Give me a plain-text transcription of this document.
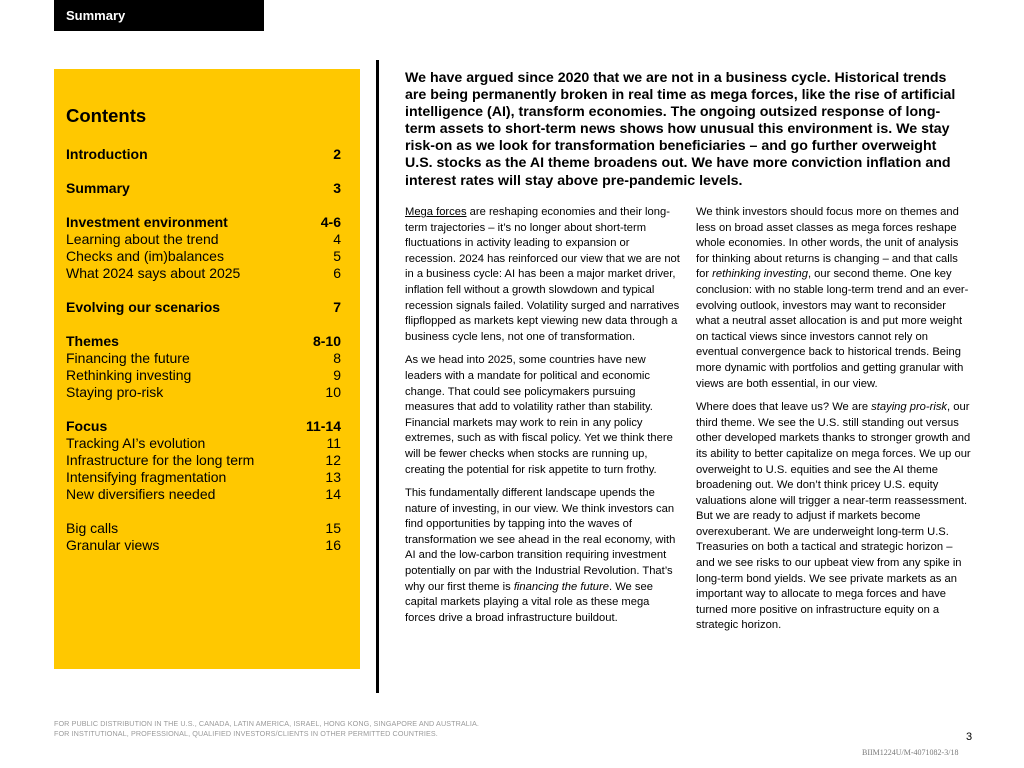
Summary
Contents
Introduction	2
Summary	3
Investment environment	4-6
Learning about the trend	4
Checks and (im)balances	5
What 2024 says about 2025	6
Evolving our scenarios	7
Themes	8-10
Financing the future	8
Rethinking investing	9
Staying pro-risk	10
Focus	11-14
Tracking AI’s evolution	11
Infrastructure for the long term	12
Intensifying fragmentation	13
New diversifiers needed	14
Big calls	15
Granular views	16
We have argued since 2020 that we are not in a business cycle. Historical trends are being permanently broken in real time as mega forces, like the rise of artificial intelligence (AI), transform economies. The ongoing outsized response of long-term assets to short-term news shows how unusual this environment is. We stay risk-on as we look for transformation beneficiaries – and go further overweight U.S. stocks as the AI theme broadens out. We have more conviction inflation and interest rates will stay above pre-pandemic levels.

Mega forces are reshaping economies and their long-term trajectories – it’s no longer about short-term fluctuations in activity leading to expansion or recession. 2024 has reinforced our view that we are not in a business cycle: AI has been a major market driver, inflation fell without a growth slowdown and typical recession signals failed. Volatility surged and narratives flipflopped as markets kept viewing new data through a business cycle lens, not one of transformation.

As we head into 2025, some countries have new leaders with a mandate for political and economic change. That could see policymakers pursuing measures that add to volatility rather than stability. Financial markets may work to rein in any policy extremes, such as with fiscal policy. Yet we think there will be fewer checks when stocks are running up, creating the potential for risk appetite to turn frothy.

This fundamentally different landscape upends the nature of investing, in our view. We think investors can find opportunities by tapping into the waves of transformation we see ahead in the real economy, with AI and the low-carbon transition requiring investment potentially on par with the Industrial Revolution. That’s why our first theme is financing the future. We see capital markets playing a vital role as these mega forces drive a broad infrastructure buildout.

We think investors should focus more on themes and less on broad asset classes as mega forces reshape whole economies. In other words, the unit of analysis for thinking about returns is changing – and that calls for rethinking investing, our second theme. One key conclusion: with no stable long-term trend and an ever-evolving outlook, investors may want to reconsider what a neutral asset allocation is and put more weight on tactical views since investors cannot rely on eventual convergence back to historical trends. Being more dynamic with portfolios and getting granular with views are both essential, in our view.

Where does that leave us? We are staying pro-risk, our third theme. We see the U.S. still standing out versus other developed markets thanks to stronger growth and its ability to better capitalize on mega forces. We up our overweight to U.S. equities and see the AI theme broadening out. We don’t think pricey U.S. equity valuations alone will trigger a near-term reassessment. But we are ready to adjust if markets become overexuberant. We are underweight long-term U.S. Treasuries on both a tactical and strategic horizon – and we see risks to our upbeat view from any spike in long-term bond yields. We see private markets as an important way to allocate to mega forces and have turned more positive on infrastructure equity on a strategic horizon.

FOR PUBLIC DISTRIBUTION IN THE U.S., CANADA, LATIN AMERICA, ISRAEL, HONG KONG, SINGAPORE AND AUSTRALIA.
FOR INSTITUTIONAL, PROFESSIONAL, QUALIFIED INVESTORS/CLIENTS IN OTHER PERMITTED COUNTRIES.	3
BIIM1224U/M-4071082-3/18
